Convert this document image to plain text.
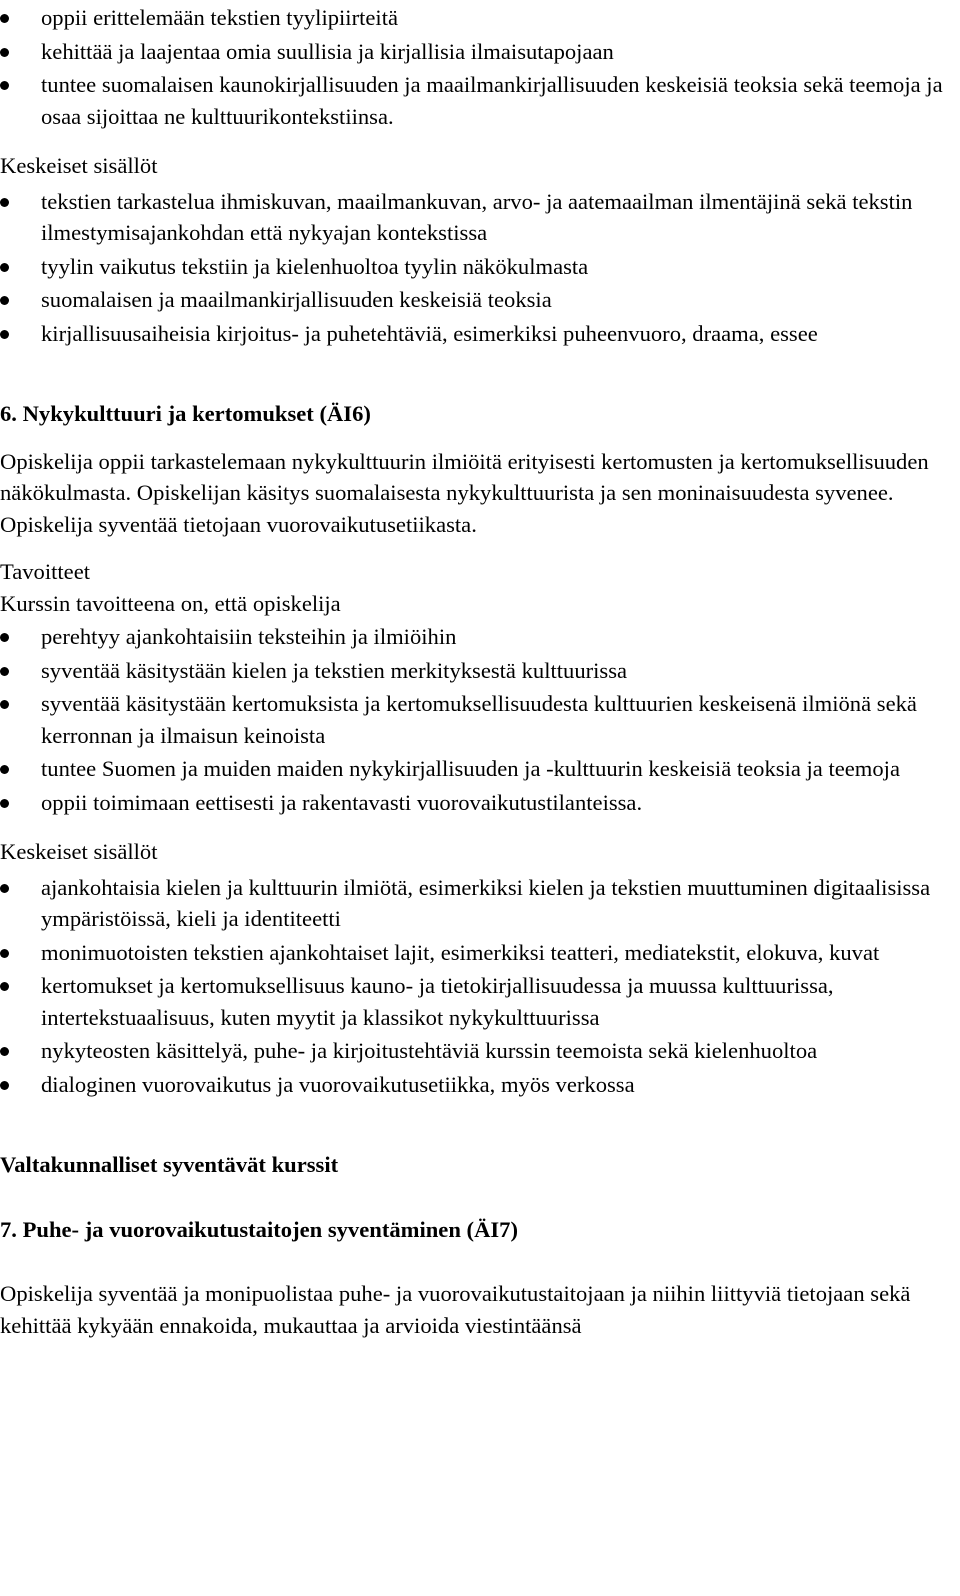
oppii erittelemään tekstien tyylipiirteitä
kehittää ja laajentaa omia suullisia ja kirjallisia ilmaisutapojaan
tuntee suomalaisen kaunokirjallisuuden ja maailmankirjallisuuden keskeisiä teoksia sekä teemoja ja osaa sijoittaa ne kulttuurikontekstiinsa.

Keskeiset sisällöt

tekstien tarkastelua ihmiskuvan, maailmankuvan, arvo- ja aatemaailman ilmentäjinä sekä tekstin ilmestymisajankohdan että nykyajan kontekstissa
tyylin vaikutus tekstiin ja kielenhuoltoa tyylin näkökulmasta
suomalaisen ja maailmankirjallisuuden keskeisiä teoksia
kirjallisuusaiheisia kirjoitus- ja puhetehtäviä, esimerkiksi puheenvuoro, draama, essee

6. Nykykulttuuri ja kertomukset (ÄI6)

Opiskelija oppii tarkastelemaan nykykulttuurin ilmiöitä erityisesti kertomusten ja kertomuksellisuuden näkökulmasta. Opiskelijan käsitys suomalaisesta nykykulttuurista ja sen moninaisuudesta syvenee. Opiskelija syventää tietojaan vuorovaikutusetiikasta.

Tavoitteet

Kurssin tavoitteena on, että opiskelija

perehtyy ajankohtaisiin teksteihin ja ilmiöihin
syventää käsitystään kielen ja tekstien merkityksestä kulttuurissa
syventää käsitystään kertomuksista ja kertomuksellisuudesta kulttuurien keskeisenä ilmiönä sekä kerronnan ja ilmaisun keinoista
tuntee Suomen ja muiden maiden nykykirjallisuuden ja -kulttuurin keskeisiä teoksia ja teemoja
oppii toimimaan eettisesti ja rakentavasti vuorovaikutustilanteissa.

Keskeiset sisällöt

ajankohtaisia kielen ja kulttuurin ilmiötä, esimerkiksi kielen ja tekstien muuttuminen digitaalisissa ympäristöissä, kieli ja identiteetti
monimuotoisten tekstien ajankohtaiset lajit, esimerkiksi teatteri, mediatekstit, elokuva, kuvat
kertomukset ja kertomuksellisuus kauno- ja tietokirjallisuudessa ja muussa kulttuurissa, intertekstuaalisuus, kuten myytit ja klassikot nykykulttuurissa
nykyteosten käsittelyä, puhe- ja kirjoitustehtäviä kurssin teemoista sekä kielenhuoltoa
dialoginen vuorovaikutus ja vuorovaikutusetiikka, myös verkossa

Valtakunnalliset syventävät kurssit

7. Puhe- ja vuorovaikutustaitojen syventäminen (ÄI7)

Opiskelija syventää ja monipuolistaa puhe- ja vuorovaikutustaitojaan ja niihin liittyviä tietojaan sekä kehittää kykyään ennakoida, mukauttaa ja arvioida viestintäänsä
